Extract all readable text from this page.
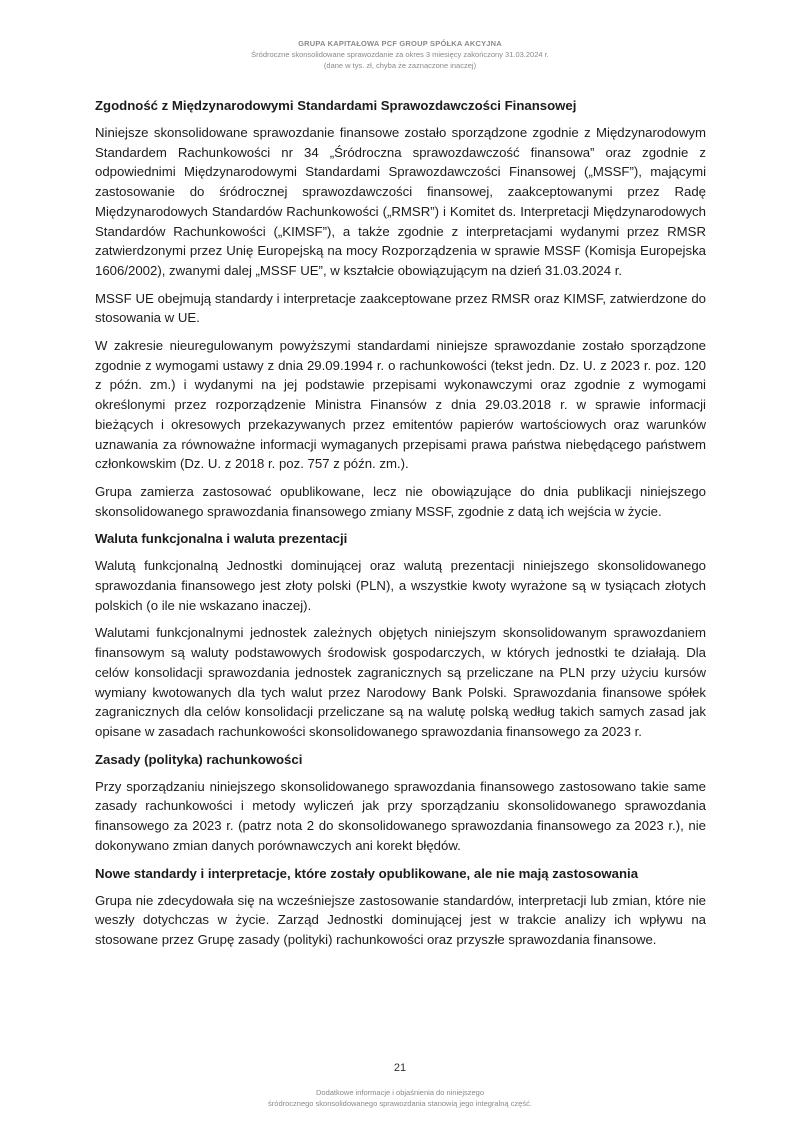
GRUPA KAPITAŁOWA PCF GROUP SPÓŁKA AKCYJNA
Śródroczne skonsolidowane sprawozdanie za okres 3 miesięcy zakończony 31.03.2024 r.
(dane w tys. zł, chyba że zaznaczone inaczej)
Zgodność z Międzynarodowymi Standardami Sprawozdawczości Finansowej

Niniejsze skonsolidowane sprawozdanie finansowe zostało sporządzone zgodnie z Międzynarodowym Standardem Rachunkowości nr 34 „Śródroczna sprawozdawczość finansowa” oraz zgodnie z odpowiednimi Międzynarodowymi Standardami Sprawozdawczości Finansowej („MSSF”), mającymi zastosowanie do śródrocznej sprawozdawczości finansowej, zaakceptowanymi przez Radę Międzynarodowych Standardów Rachunkowości („RMSR”) i Komitet ds. Interpretacji Międzynarodowych Standardów Rachunkowości („KIMSF”), a także zgodnie z interpretacjami wydanymi przez RMSR zatwierdzonymi przez Unię Europejską na mocy Rozporządzenia w sprawie MSSF (Komisja Europejska 1606/2002), zwanymi dalej „MSSF UE”, w kształcie obowiązującym na dzień 31.03.2024 r.

MSSF UE obejmują standardy i interpretacje zaakceptowane przez RMSR oraz KIMSF, zatwierdzone do stosowania w UE.

W zakresie nieuregulowanym powyższymi standardami niniejsze sprawozdanie zostało sporządzone zgodnie z wymogami ustawy z dnia 29.09.1994 r. o rachunkowości (tekst jedn. Dz. U. z 2023 r. poz. 120 z późn. zm.) i wydanymi na jej podstawie przepisami wykonawczymi oraz zgodnie z wymogami określonymi przez rozporządzenie Ministra Finansów z dnia 29.03.2018 r. w sprawie informacji bieżących i okresowych przekazywanych przez emitentów papierów wartościowych oraz warunków uznawania za równoważne informacji wymaganych przepisami prawa państwa niebędącego państwem członkowskim (Dz. U. z 2018 r. poz. 757 z późn. zm.).

Grupa zamierza zastosować opublikowane, lecz nie obowiązujące do dnia publikacji niniejszego skonsolidowanego sprawozdania finansowego zmiany MSSF, zgodnie z datą ich wejścia w życie.

Waluta funkcjonalna i waluta prezentacji

Walutą funkcjonalną Jednostki dominującej oraz walutą prezentacji niniejszego skonsolidowanego sprawozdania finansowego jest złoty polski (PLN), a wszystkie kwoty wyrażone są w tysiącach złotych polskich (o ile nie wskazano inaczej).

Walutami funkcjonalnymi jednostek zależnych objętych niniejszym skonsolidowanym sprawozdaniem finansowym są waluty podstawowych środowisk gospodarczych, w których jednostki te działają. Dla celów konsolidacji sprawozdania jednostek zagranicznych są przeliczane na PLN przy użyciu kursów wymiany kwotowanych dla tych walut przez Narodowy Bank Polski. Sprawozdania finansowe spółek zagranicznych dla celów konsolidacji przeliczane są na walutę polską według takich samych zasad jak opisane w zasadach rachunkowości skonsolidowanego sprawozdania finansowego za 2023 r.

Zasady (polityka) rachunkowości

Przy sporządzaniu niniejszego skonsolidowanego sprawozdania finansowego zastosowano takie same zasady rachunkowości i metody wyliczeń jak przy sporządzaniu skonsolidowanego sprawozdania finansowego za 2023 r. (patrz nota 2 do skonsolidowanego sprawozdania finansowego za 2023 r.), nie dokonywano zmian danych porównawczych ani korekt błędów.

Nowe standardy i interpretacje, które zostały opublikowane, ale nie mają zastosowania

Grupa nie zdecydowała się na wcześniejsze zastosowanie standardów, interpretacji lub zmian, które nie weszły dotychczas w życie. Zarząd Jednostki dominującej jest w trakcie analizy ich wpływu na stosowane przez Grupę zasady (polityki) rachunkowości oraz przyszłe sprawozdania finansowe.

21
Dodatkowe informacje i objaśnienia do niniejszego
śródrocznego skonsolidowanego sprawozdania stanowią jego integralną część.
